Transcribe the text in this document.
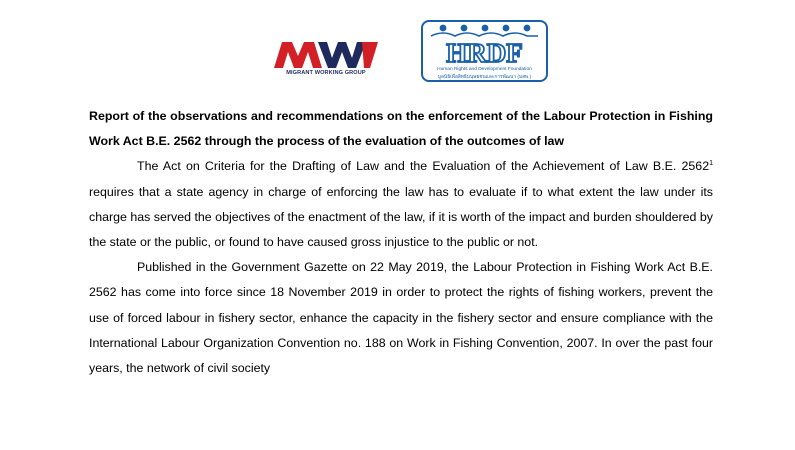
MIGRANT WORKING GROUP
HRDF
Human Rights and Development Foundation
มูลนิธิเพื่อสิทธิมนุษยชนและการพัฒนา (มสพ.)

Report of the observations and recommendations on the enforcement of the Labour Protection in Fishing Work Act B.E. 2562 through the process of the evaluation of the outcomes of law

The Act on Criteria for the Drafting of Law and the Evaluation of the Achievement of Law B.E. 2562$^1$ requires that a state agency in charge of enforcing the law has to evaluate if to what extent the law under its charge has served the objectives of the enactment of the law, if it is worth of the impact and burden shouldered by the state or the public, or found to have caused gross injustice to the public or not.

Published in the Government Gazette on 22 May 2019, the Labour Protection in Fishing Work Act B.E. 2562 has come into force since 18 November 2019 in order to protect the rights of fishing workers, prevent the use of forced labour in fishery sector, enhance the capacity in the fishery sector and ensure compliance with the International Labour Organization Convention no. 188 on Work in Fishing Convention, 2007. In over the past four years, the network of civil society
